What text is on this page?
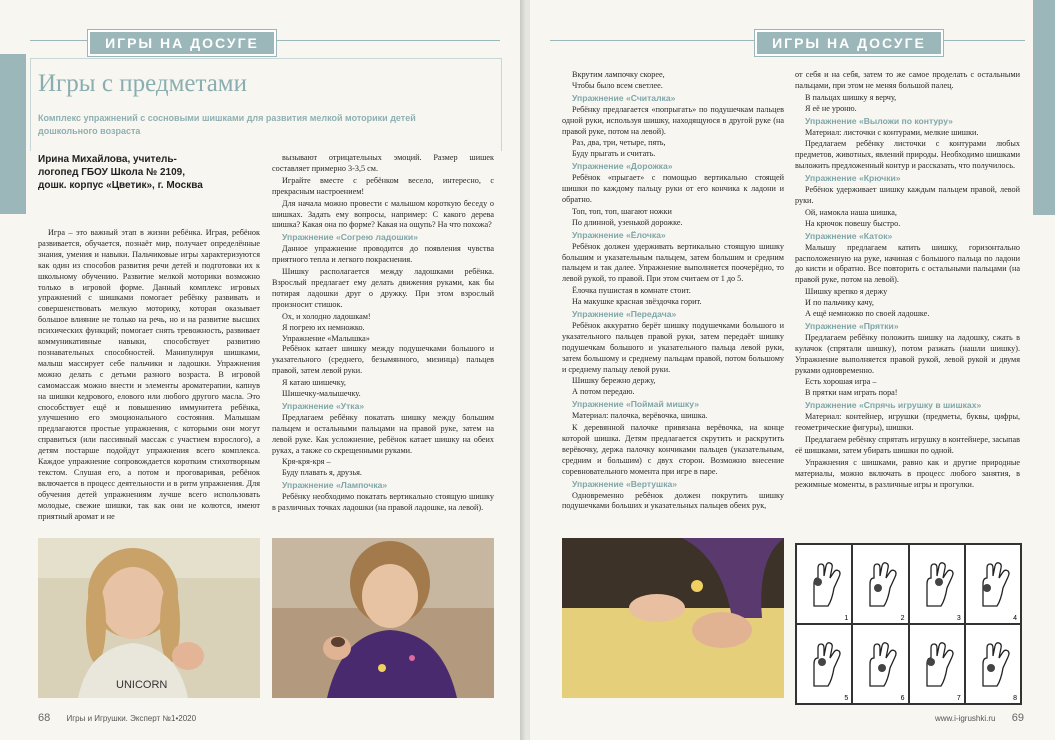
ИГРЫ НА ДОСУГЕ
Игры с предметами
Комплекс упражнений с сосновыми шишками для развития мелкой моторики детей дошкольного возраста
Ирина Михайлова, учитель-
логопед ГБОУ Школа № 2109,
дошк. корпус «Цветик», г. Москва

Игра – это важный этап в жизни ребёнка. Играя, ребёнок развивается, обучается, познаёт мир, получает определённые знания, умения и навыки. Пальчиковые игры характеризуются как один из способов развития речи детей и подготовки их к школьному обучению. Развитие мелкой моторики возможно только в игровой форме. Данный комплекс игровых упражнений с шишками помогает ребёнку развивать и совершенствовать мелкую моторику, которая оказывает большое влияние не только на речь, но и на развитие высших психических функций; помогает снять тревожность, развивает коммуникативные навыки, способствует развитию познавательных способностей. Манипулируя шишками, малыш массирует себе пальчики и ладошки. Упражнения можно делать с детьми разного возраста. В игровой самомассаж можно внести и элементы ароматерапии, капнув на шишки кедрового, елового или любого другого масла. Это способствует ещё и повышению иммунитета ребёнка, улучшению его эмоционального состояния. Малышам предлагаются простые упражнения, с которыми они могут справиться (или пассивный массаж с участием взрослого), а детям постарше подойдут упражнения всего комплекса. Каждое упражнение сопровождается коротким стихотворным текстом. Слушая его, а потом и проговаривая, ребёнок включается в процесс деятельности и в ритм упражнения. Для обучения детей упражнениям лучше всего использовать молодые, свежие шишки, так как они не колются, имеют приятный аромат и не

вызывают отрицательных эмоций. Размер шишек составляет примерно 3-3,5 см.

Играйте вместе с ребёнком весело, интересно, с прекрасным настроением!

Для начала можно провести с малышом короткую беседу о шишках. Задать ему вопросы, например: С какого дерева шишка? Какая она по форме? Какая на ощупь? На что похожа?

Упражнение «Согрею ладошки»

Данное упражнение проводится до появления чувства приятного тепла и легкого покраснения.

Шишку располагается между ладошками ребёнка. Взрослый предлагает ему делать движения руками, как бы потирая ладошки друг о дружку. При этом взрослый произносит стишок.

Ох, и холодно ладошкам!

Я погрею их немножко.

Упражнение «Малышка»

Ребёнок катает шишку между подушечками большого и указательного (среднего, безымянного, мизинца) пальцев правой, затем левой руки.

Я катаю шишечку,

Шишечку-малышечку.

Упражнение «Утка»

Предлагаем ребёнку покатать шишку между большим пальцем и остальными пальцами на правой руке, затем на левой руке. Как усложнение, ребёнок катает шишку на обеих руках, а также со скрещенными руками.

Кря-кря-кря –

Буду плавать я, друзья.

Упражнение «Лампочка»

Ребёнку необходимо покатать вертикально стоящую шишку в различных точках ладошки (на правой ладошке, на левой).

UNICORN
68 Игры и Игрушки. Эксперт №1•2020
ИГРЫ НА ДОСУГЕ

Вкрутим лампочку скорее,

Чтобы было всем светлее.

Упражнение «Считалка»

Ребёнку предлагается «попрыгать» по подушечкам пальцев одной руки, используя шишку, находящуюся в другой руке (на правой руке, потом на левой).

Раз, два, три, четыре, пять,

Буду прыгать и считать.

Упражнение «Дорожка»

Ребёнок «прыгает» с помощью вертикально стоящей шишки по каждому пальцу руки от его кончика к ладони и обратно.

Топ, топ, топ, шагают ножки

По длинной, узенькой дорожке.

Упражнение «Ёлочка»

Ребёнок должен удерживать вертикально стоящую шишку большим и указательным пальцем, затем большим и средним пальцем и так далее. Упражнение выполняется поочерёдно, то левой рукой, то правой. При этом считаем от 1 до 5.

Ёлочка пушистая в комнате стоит.

На макушке красная звёздочка горит.

Упражнение «Передача»

Ребёнок аккуратно берёт шишку подушечками большого и указательного пальцев правой руки, затем передаёт шишку подушечкам большого и указательного пальца левой руки, затем большому и среднему пальцам правой, потом большому и среднему пальцу левой руки.

Шишку бережно держу,

А потом передаю.

Упражнение «Поймай мишку»

Материал: палочка, верёвочка, шишка.

К деревянной палочке привязана верёвочка, на конце которой шишка. Детям предлагается скрутить и раскрутить верёвочку, держа палочку кончиками пальцев (указательным, средним и большим) с двух сторон. Возможно внесение соревновательного момента при игре в паре.

Упражнение «Вертушка»

Одновременно ребёнок должен покрутить шишку подушечками больших и указательных пальцев обеих рук,

от себя и на себя, затем то же самое проделать с остальными пальцами, при этом не меняя большой палец.

В пальцах шишку я верчу,

Я её не уроню.

Упражнение «Выложи по контуру»

Материал: листочки с контурами, мелкие шишки.

Предлагаем ребёнку листочки с контурами любых предметов, животных, явлений природы. Необходимо шишками выложить предложенный контур и рассказать, что получилось.

Упражнение «Крючки»

Ребёнок удерживает шишку каждым пальцем правой, левой руки.

Ой, намокла наша шишка,

На крючок повешу быстро.

Упражнение «Каток»

Малышу предлагаем катить шишку, горизонтально расположенную на руке, начиная с большого пальца по ладони до кисти и обратно. Все повторить с остальными пальцами (на правой руке, потом на левой).

Шишку крепко я держу

И по пальчику качу,

А ещё немножко по своей ладошке.

Упражнение «Прятки»

Предлагаем ребёнку положить шишку на ладошку, сжать в кулачок (спрятали шишку), потом разжать (нашли шишку). Упражнение выполняется правой рукой, левой рукой и двумя руками одновременно.

Есть хорошая игра –

В прятки нам играть пора!

Упражнение «Спрячь игрушку в шишках»

Материал: контейнер, игрушки (предметы, буквы, цифры, геометрические фигуры), шишки.

Предлагаем ребёнку спрятать игрушку в контейнере, засыпав её шишками, затем убирать шишки по одной.

Упражнения с шишками, равно как и другие природные материалы, можно включать в процесс любого занятия, в режимные моменты, в различные игры и прогулки.

1	2	3	4
5	6	7	8
www.i-igrushki.ru 69
